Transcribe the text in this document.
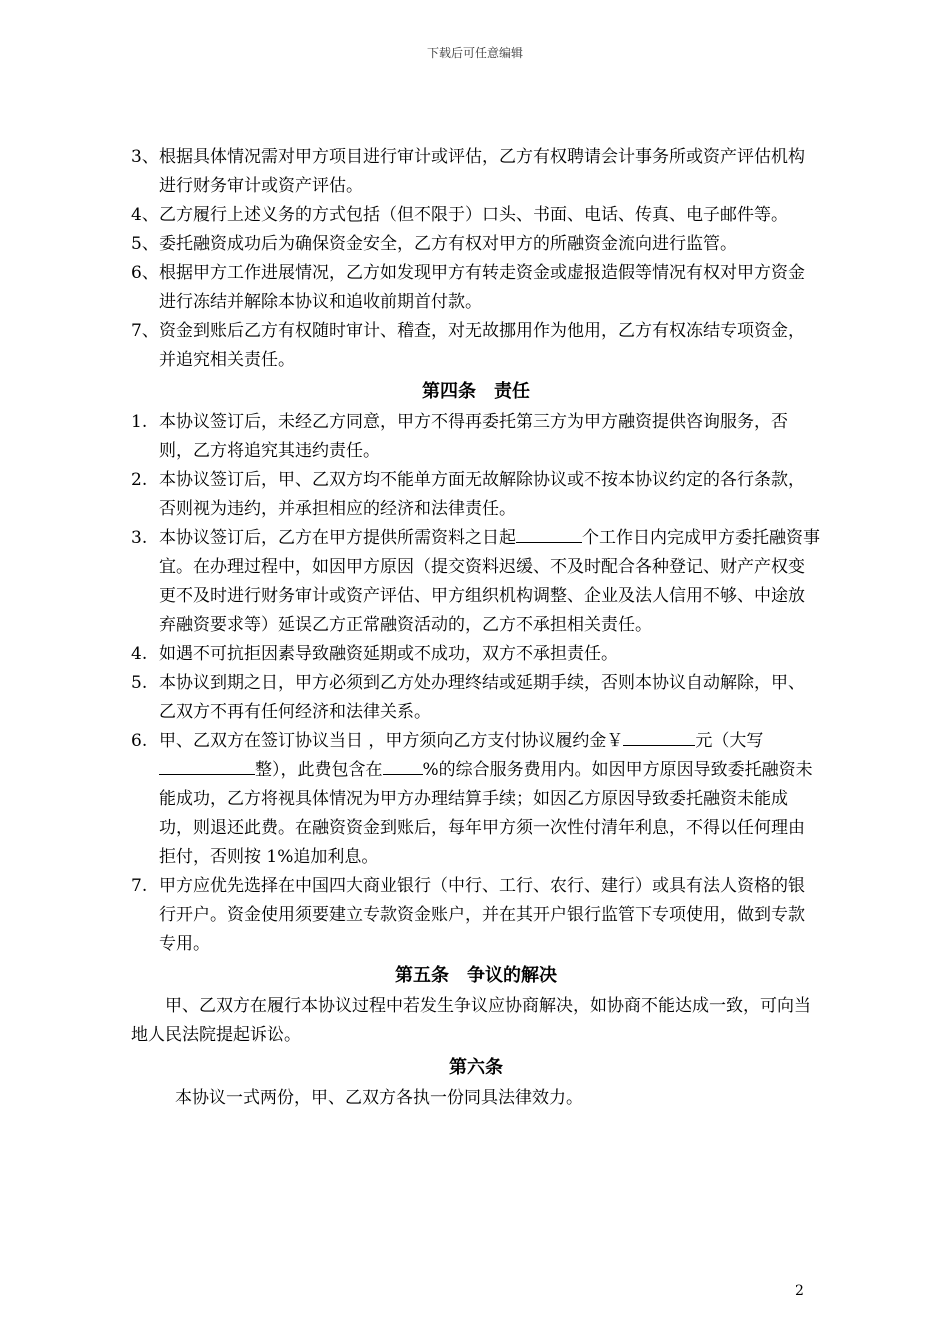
下载后可任意编辑
3、 根据具体情况需对甲方项目进行审计或评估，乙方有权聘请会计事务所或资产评估机构进行财务审计或资产评估。
4、 乙方履行上述义务的方式包括（但不限于）口头、书面、电话、传真、电子邮件等。
5、 委托融资成功后为确保资金安全，乙方有权对甲方的所融资金流向进行监管。
6、 根据甲方工作进展情况，乙方如发现甲方有转走资金或虚报造假等情况有权对甲方资金进行冻结并解除本协议和追收前期首付款。
7、 资金到账后乙方有权随时审计、稽查，对无故挪用作为他用，乙方有权冻结专项资金，并追究相关责任。
第四条　责任
1. 本协议签订后，未经乙方同意，甲方不得再委托第三方为甲方融资提供咨询服务，否则，乙方将追究其违约责任。
2. 本协议签订后，甲、乙双方均不能单方面无故解除协议或不按本协议约定的各行条款，否则视为违约，并承担相应的经济和法律责任。
3. 本协议签订后，乙方在甲方提供所需资料之日起	个工作日内完成甲方委托融资事宜。在办理过程中，如因甲方原因（提交资料迟缓、不及时配合各种登记、财产产权变更不及时进行财务审计或资产评估、甲方组织机构调整、企业及法人信用不够、中途放弃融资要求等）延误乙方正常融资活动的，乙方不承担相关责任。
4. 如遇不可抗拒因素导致融资延期或不成功，双方不承担责任。
5. 本协议到期之日，甲方必须到乙方处办理终结或延期手续，否则本协议自动解除，甲、乙双方不再有任何经济和法律关系。
6. 甲、乙双方在签订协议当日 ，甲方须向乙方支付协议履约金￥	元（大写整），此费包含在 %的综合服务费用内。如因甲方原因导致委托融资未能成功，乙方将视具体情况为甲方办理结算手续；如因乙方原因导致委托融资未能成功，则退还此费。在融资资金到账后，每年甲方须一次性付清年利息，不得以任何理由拒付，否则按 1%追加利息。
7. 甲方应优先选择在中国四大商业银行（中行、工行、农行、建行）或具有法人资格的银行开户。资金使用须要建立专款资金账户，并在其开户银行监管下专项使用，做到专款专用。
第五条　争议的解决
甲、乙双方在履行本协议过程中若发生争议应协商解决，如协商不能达成一致，可向当地人民法院提起诉讼。
第六条
本协议一式两份，甲、乙双方各执一份同具法律效力。
2
